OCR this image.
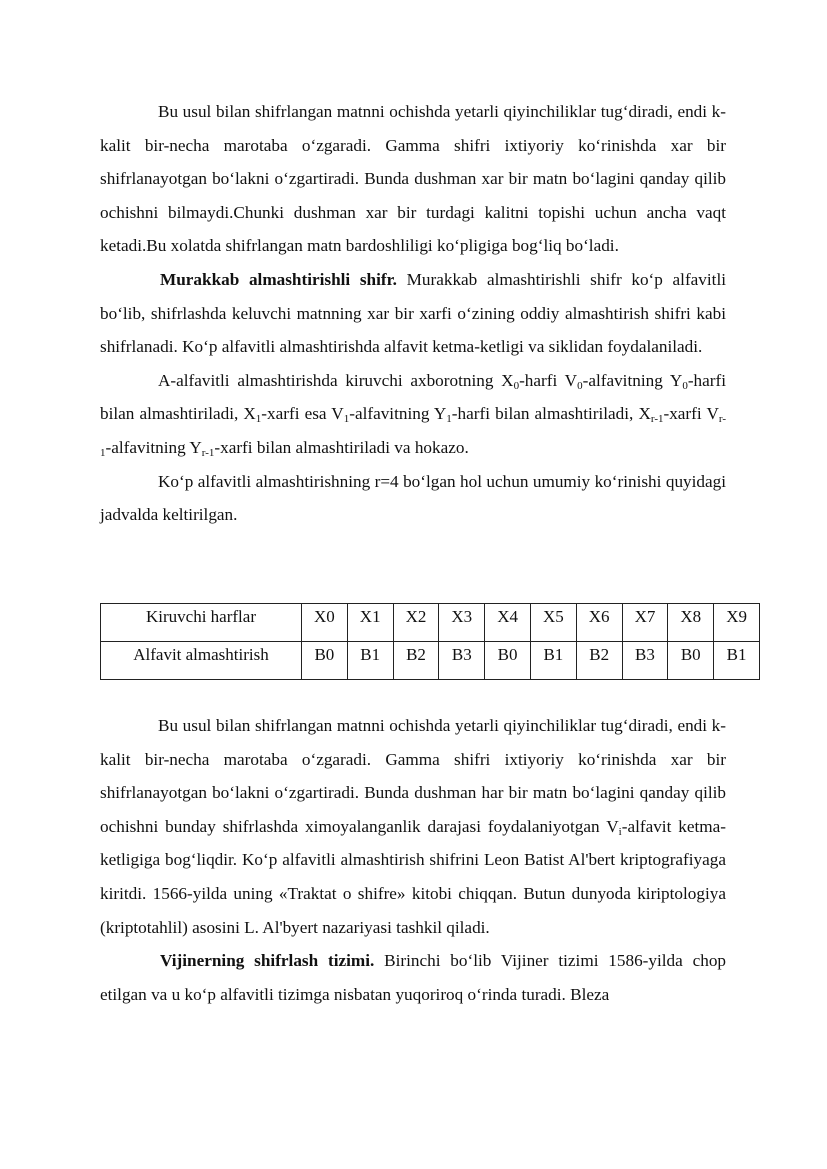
Bu usul bilan shifrlangan matnni ochishda yetarli qiyinchiliklar tug‘diradi, endi k-kalit bir-necha marotaba o‘zgaradi. Gamma shifri ixtiyoriy ko‘rinishda xar bir shifrlanayotgan bo‘lakni o‘zgartiradi. Bunda dushman xar bir matn bo‘lagini qanday qilib ochishni bilmaydi.Chunki dushman xar bir turdagi kalitni topishi uchun ancha vaqt ketadi.Bu xolatda shifrlangan matn bardoshliligi ko‘pligiga bog‘liq bo‘ladi.

Murakkab almashtirishli shifr. Murakkab almashtirishli shifr ko‘p alfavitli bo‘lib, shifrlashda keluvchi matnning xar bir xarfi o‘zining oddiy almashtirish shifri kabi shifrlanadi. Ko‘p alfavitli almashtirishda alfavit ketma-ketligi va siklidan foydalaniladi.

A-alfavitli almashtirishda kiruvchi axborotning $X_0$-harfi $V_0$-alfavitning $Y_0$-harfi bilan almashtiriladi, $X_1$-xarfi esa $V_1$-alfavitning $Y_1$-harfi bilan almashtiriladi, $X_{r-1}$-xarfi $V_{r-1}$-alfavitning $Y_{r-1}$-xarfi bilan almashtiriladi va hokazo.

Ko‘p alfavitli almashtirishning r=4 bo‘lgan hol uchun umumiy ko‘rinishi quyidagi jadvalda keltirilgan.

Kiruvchi harflar	X0	X1	X2	X3	X4	X5	X6	X7	X8	X9
Alfavit almashtirish	B0	B1	B2	B3	B0	B1	B2	B3	B0	B1

Bu usul bilan shifrlangan matnni ochishda yetarli qiyinchiliklar tug‘diradi, endi k-kalit bir-necha marotaba o‘zgaradi. Gamma shifri ixtiyoriy ko‘rinishda xar bir shifrlanayotgan bo‘lakni o‘zgartiradi. Bunda dushman har bir matn bo‘lagini qanday qilib ochishni bunday shifrlashda ximoyalanganlik darajasi foydalaniyotgan $V_i$-alfavit ketma-ketligiga bog‘liqdir. Ko‘p alfavitli almashtirish shifrini Leon Batist Al'bert kriptografiyaga kiritdi. 1566-yilda uning «Traktat o shifre» kitobi chiqqan. Butun dunyoda kiriptologiya (kriptotahlil) asosini L. Al'byert nazariyasi tashkil qiladi.

Vijinerning shifrlash tizimi. Birinchi bo‘lib Vijiner tizimi 1586-yilda chop etilgan va u ko‘p alfavitli tizimga nisbatan yuqoriroq o‘rinda turadi. Bleza
